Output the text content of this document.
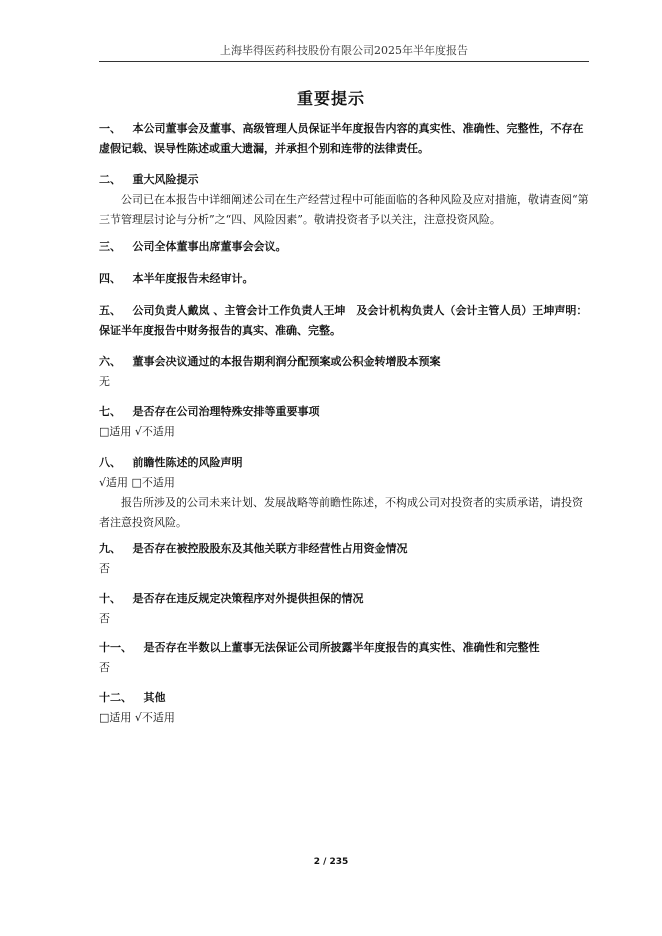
上海毕得医药科技股份有限公司2025年半年度报告
重要提示
一、 本公司董事会及董事、高级管理人员保证半年度报告内容的真实性、准确性、完整性，不存在虚假记载、误导性陈述或重大遗漏，并承担个别和连带的法律责任。
二、 重大风险提示
公司已在本报告中详细阐述公司在生产经营过程中可能面临的各种风险及应对措施，敬请查阅“第三节管理层讨论与分析”之“四、风险因素”。敬请投资者予以关注，注意投资风险。
三、 公司全体董事出席董事会会议。
四、 本半年度报告未经审计。
五、 公司负责人戴岚 、主管会计工作负责人王坤　及会计机构负责人（会计主管人员）王坤声明：保证半年度报告中财务报告的真实、准确、完整。
六、 董事会决议通过的本报告期利润分配预案或公积金转增股本预案
无
七、 是否存在公司治理特殊安排等重要事项
□适用 √不适用
八、 前瞻性陈述的风险声明
√适用 □不适用
报告所涉及的公司未来计划、发展战略等前瞻性陈述，不构成公司对投资者的实质承诺，请投资者注意投资风险。
九、 是否存在被控股股东及其他关联方非经营性占用资金情况
否
十、 是否存在违反规定决策程序对外提供担保的情况
否
十一、 是否存在半数以上董事无法保证公司所披露半年度报告的真实性、准确性和完整性
否
十二、 其他
□适用 √不适用
2 / 235
